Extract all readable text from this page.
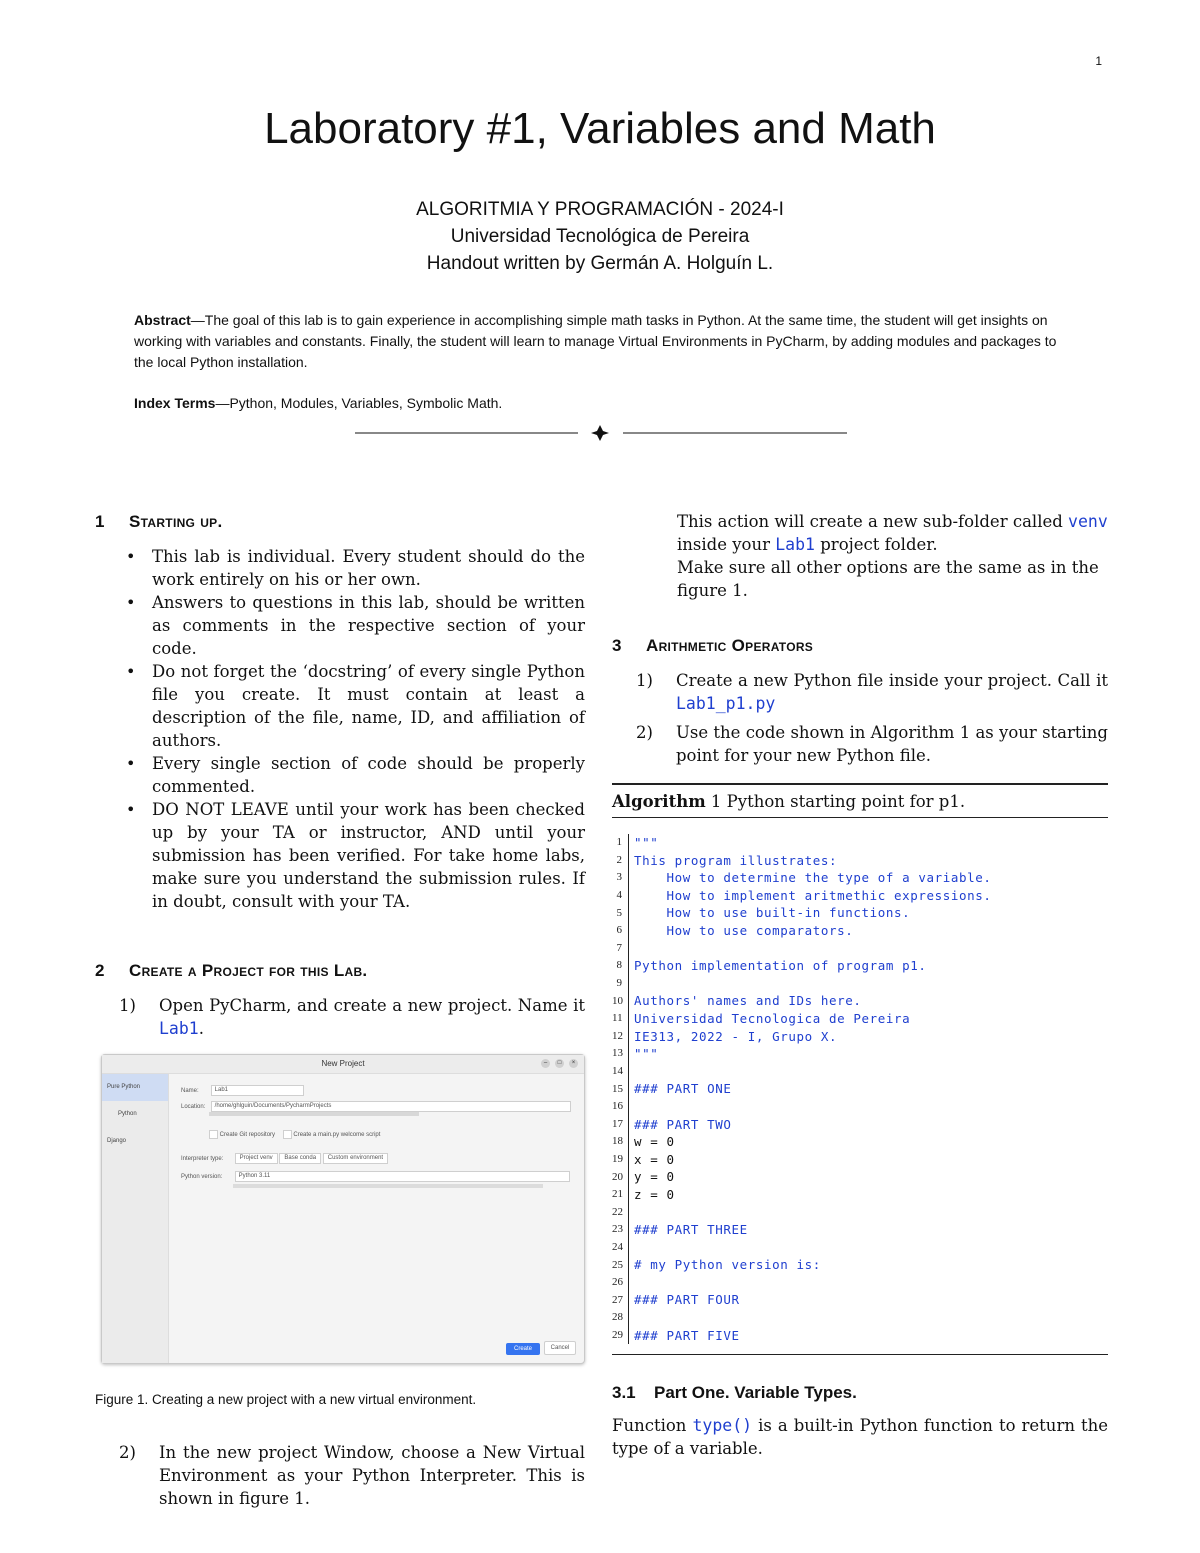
1
Laboratory #1, Variables and Math
ALGORITMIA Y PROGRAMACIÓN - 2024-I
Universidad Tecnológica de Pereira
Handout written by Germán A. Holguín L.

Abstract—The goal of this lab is to gain experience in accomplishing simple math tasks in Python. At the same time, the student will get insights on working with variables and constants. Finally, the student will learn to manage Virtual Environments in PyCharm, by adding modules and packages to the local Python installation.

Index Terms—Python, Modules, Variables, Symbolic Math.

1 Starting up.
• This lab is individual. Every student should do the work entirely on his or her own.
• Answers to questions in this lab, should be written as comments in the respective section of your code.
• Do not forget the ‘docstring’ of every single Python file you create. It must contain at least a description of the file, name, ID, and affiliation of authors.
• Every single section of code should be properly commented.
• DO NOT LEAVE until your work has been checked up by your TA or instructor, AND until your submission has been verified. For take home labs, make sure you understand the submission rules. If in doubt, consult with your TA.
2 Create a Project for this Lab.
1) Open PyCharm, and create a new project. Name it Lab1.
New Project	–	□	×
Pure Python
Python
Django
Name:	Lab1
Location: /home/ghlguin/Documents/PycharmProjects
Create Git repository	Create a main.py welcome script
Interpreter type:	Project venv Base conda Custom environment
Python version:	Python 3.11
Create	Cancel
Figure 1. Creating a new project with a new virtual environment.
2) In the new project Window, choose a New Virtual Environment as your Python Interpreter. This is shown in figure 1.
This action will create a new sub-folder called venv inside your Lab1 project folder.
Make sure all other options are the same as in the figure 1.
3 Arithmetic Operators
1) Create a new Python file inside your project. Call it Lab1_p1.py
2) Use the code shown in Algorithm 1 as your starting point for your new Python file.
Algorithm 1 Python starting point for p1.
1 """
2 This program illustrates:
3 How to determine the type of a variable.
4 How to implement aritmethic expressions.
5 How to use built-in functions.
6 How to use comparators.
7
8 Python implementation of program p1.
9
10 Authors' names and IDs here.
11 Universidad Tecnologica de Pereira
12 IE313, 2022 - I, Grupo X.
13 """
14
15 ### PART ONE
16
17 ### PART TWO
18 w = 0
19 x = 0
20 y = 0
21 z = 0
22
23 ### PART THREE
24
25 # my Python version is:
26
27 ### PART FOUR
28
29 ### PART FIVE
3.1 Part One. Variable Types.

Function type() is a built-in Python function to return the type of a variable.
